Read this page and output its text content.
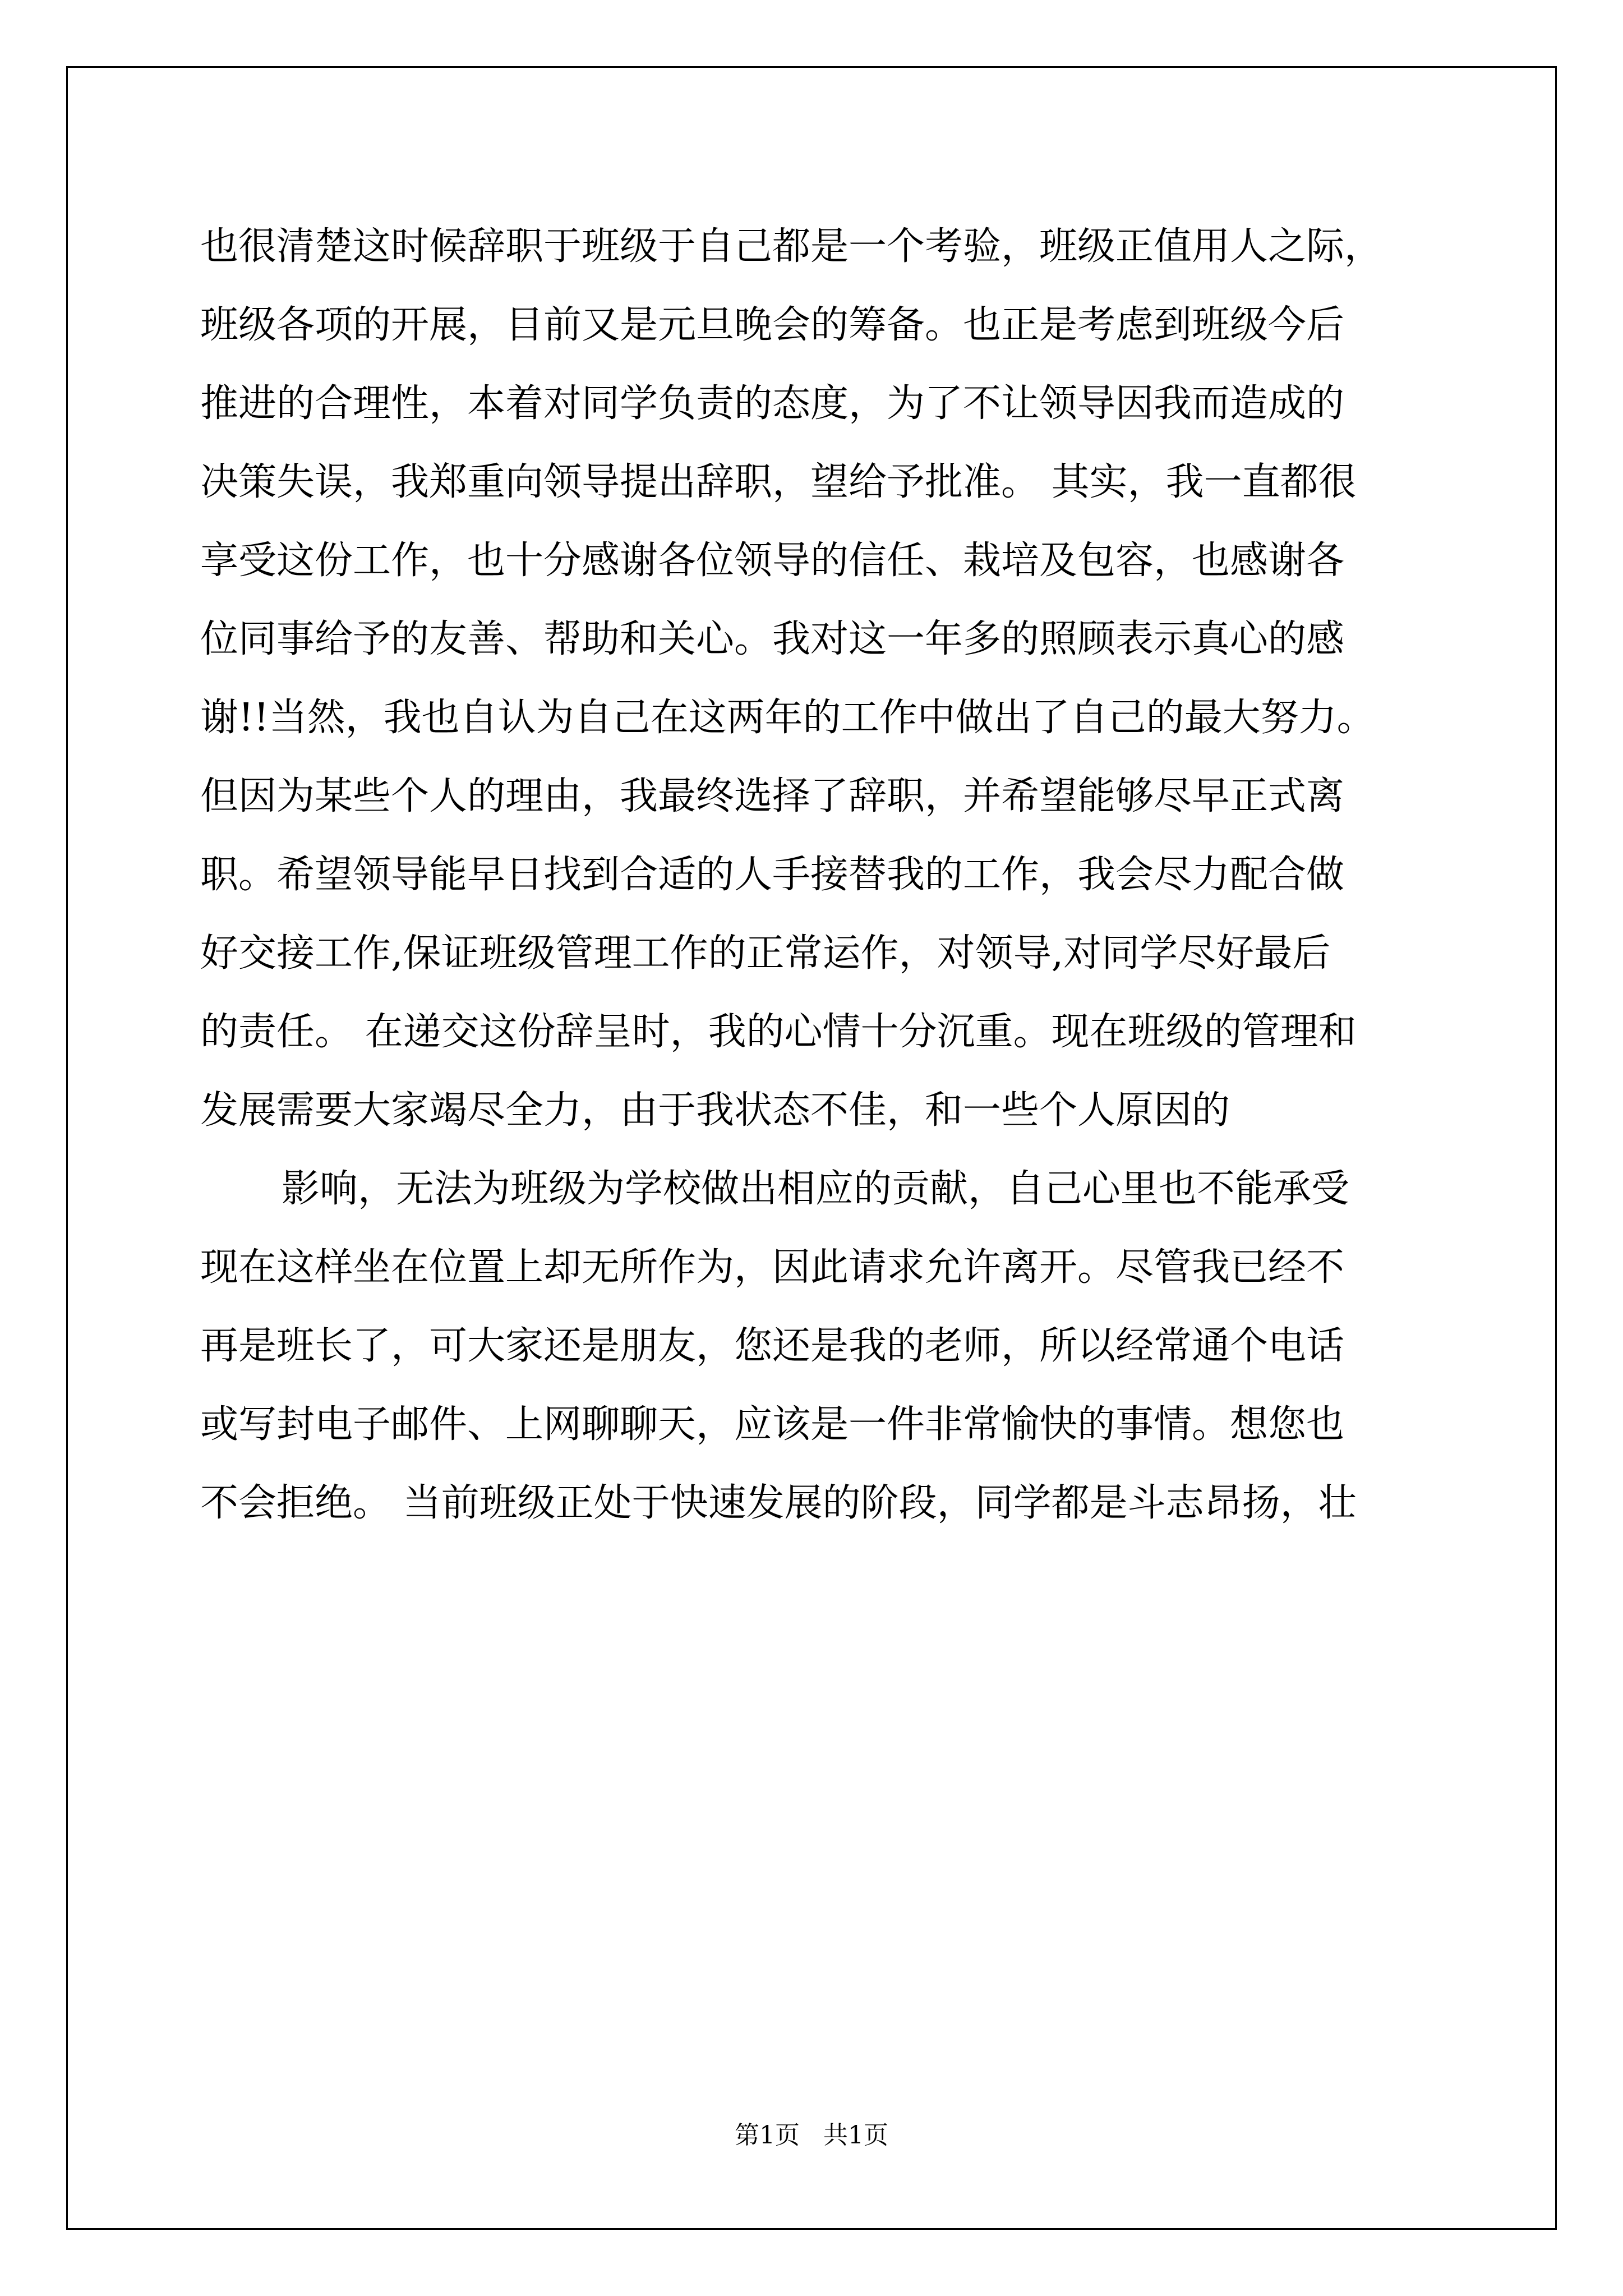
也很清楚这时候辞职于班级于自己都是一个考验，班级正值用人之际，
班级各项的开展，目前又是元旦晚会的筹备。也正是考虑到班级今后
推进的合理性，本着对同学负责的态度，为了不让领导因我而造成的
决策失误，我郑重向领导提出辞职，望给予批准。 其实，我一直都很
享受这份工作，也十分感谢各位领导的信任、栽培及包容，也感谢各
位同事给予的友善、帮助和关心。我对这一年多的照顾表示真心的感
谢!!当然，我也自认为自己在这两年的工作中做出了自己的最大努力。
但因为某些个人的理由，我最终选择了辞职，并希望能够尽早正式离
职。希望领导能早日找到合适的人手接替我的工作，我会尽力配合做
好交接工作,保证班级管理工作的正常运作，对领导,对同学尽好最后
的责任。 在递交这份辞呈时，我的心情十分沉重。现在班级的管理和
发展需要大家竭尽全力，由于我状态不佳，和一些个人原因的
影响，无法为班级为学校做出相应的贡献，自己心里也不能承受
现在这样坐在位置上却无所作为，因此请求允许离开。尽管我已经不
再是班长了，可大家还是朋友，您还是我的老师，所以经常通个电话
或写封电子邮件、上网聊聊天，应该是一件非常愉快的事情。想您也
不会拒绝。 当前班级正处于快速发展的阶段，同学都是斗志昂扬，壮
第1页   共1页
